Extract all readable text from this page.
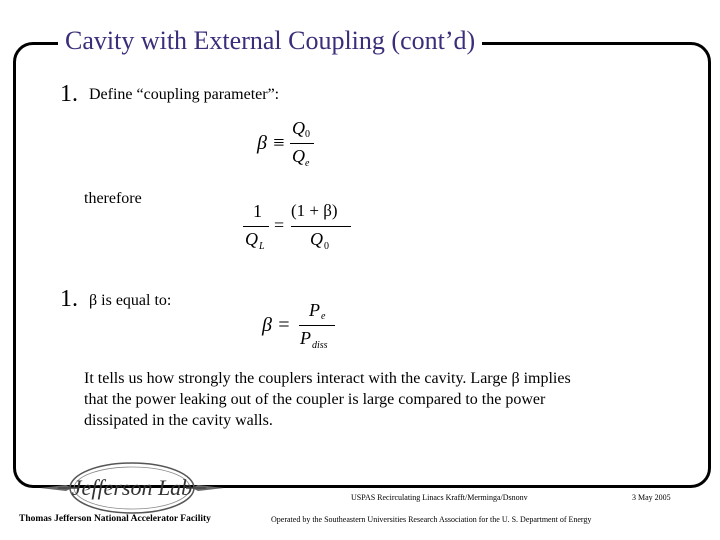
Cavity with External Coupling (cont’d)
1. Define “coupling parameter”:
β ≡
Q 0
Q e
therefore
1
Q L
=
(1 + β)
Q 0
1. β is equal to:
β =
P e
P diss
It tells us how strongly the couplers interact with the cavity. Large β implies
that the power leaking out of the coupler is large compared to the power
dissipated in the cavity walls.
Jefferson Lab
Thomas Jefferson National Accelerator Facility
USPAS Recirculating Linacs Krafft/Merminga/Dsnonv
Operated by the Southeastern Universities Research Association for the U. S. Department of Energy
3 May 2005
